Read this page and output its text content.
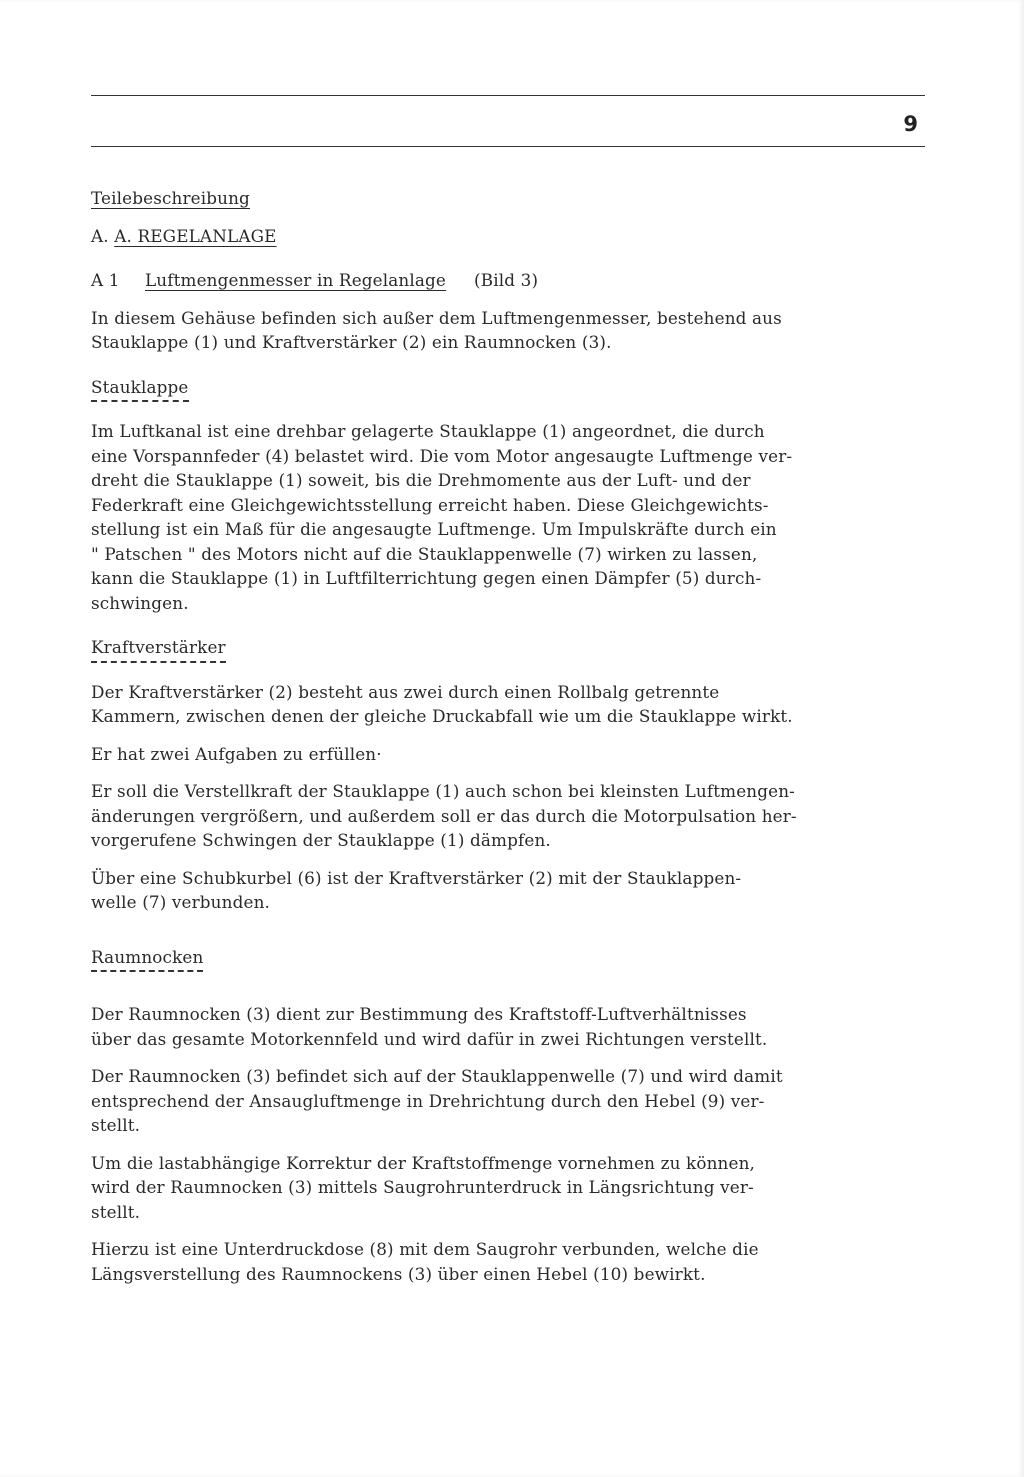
9

Teilebeschreibung

A. A. REGELANLAGE

A 1	Luftmengenmesser in Regelanlage (Bild 3)

In diesem Gehäuse befinden sich außer dem Luftmengenmesser, bestehend aus

Stauklappe (1) und Kraftverstärker (2) ein Raumnocken (3).

Stauklappe

Im Luftkanal ist eine drehbar gelagerte Stauklappe (1) angeordnet, die durch

eine Vorspannfeder (4) belastet wird. Die vom Motor angesaugte Luftmenge ver-

dreht die Stauklappe (1) soweit, bis die Drehmomente aus der Luft- und der

Federkraft eine Gleichgewichtsstellung erreicht haben. Diese Gleichgewichts-

stellung ist ein Maß für die angesaugte Luftmenge. Um Impulskräfte durch ein

" Patschen " des Motors nicht auf die Stauklappenwelle (7) wirken zu lassen,

kann die Stauklappe (1) in Luftfilterrichtung gegen einen Dämpfer (5) durch-

schwingen.

Kraftverstärker

Der Kraftverstärker (2) besteht aus zwei durch einen Rollbalg getrennte

Kammern, zwischen denen der gleiche Druckabfall wie um die Stauklappe wirkt.

Er hat zwei Aufgaben zu erfüllen·

Er soll die Verstellkraft der Stauklappe (1) auch schon bei kleinsten Luftmengen-

änderungen vergrößern, und außerdem soll er das durch die Motorpulsation her-

vorgerufene Schwingen der Stauklappe (1) dämpfen.

Über eine Schubkurbel (6) ist der Kraftverstärker (2) mit der Stauklappen-

welle (7) verbunden.

Raumnocken

Der Raumnocken (3) dient zur Bestimmung des Kraftstoff-Luftverhältnisses

über das gesamte Motorkennfeld und wird dafür in zwei Richtungen verstellt.

Der Raumnocken (3) befindet sich auf der Stauklappenwelle (7) und wird damit

entsprechend der Ansaugluftmenge in Drehrichtung durch den Hebel (9) ver-

stellt.

Um die lastabhängige Korrektur der Kraftstoffmenge vornehmen zu können,

wird der Raumnocken (3) mittels Saugrohrunterdruck in Längsrichtung ver-

stellt.

Hierzu ist eine Unterdruckdose (8) mit dem Saugrohr verbunden, welche die

Längsverstellung des Raumnockens (3) über einen Hebel (10) bewirkt.
